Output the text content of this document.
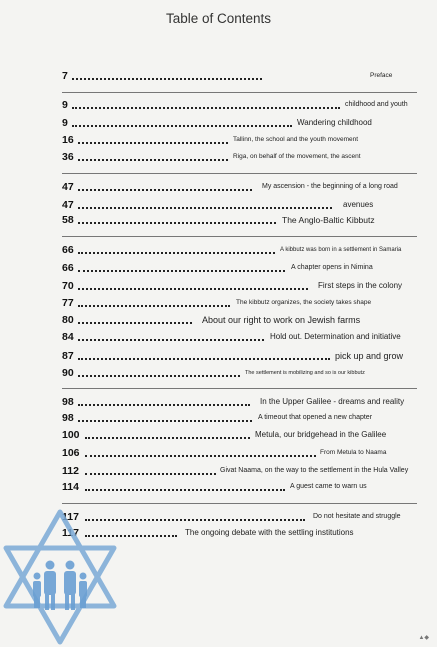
Table of Contents
7	Preface
9	childhood and youth
9	Wandering childhood
16	Tallinn, the school and the youth movement
36	Riga, on behalf of the movement, the ascent
47	My ascension - the beginning of a long road
47	avenues
58	The Anglo-Baltic Kibbutz
66	A kibbutz was born in a settlement in Samaria
66	A chapter opens in Nimina
70	First steps in the colony
77	The kibbutz organizes, the society takes shape
80	About our right to work on Jewish farms
84	Hold out. Determination and initiative
87	pick up and grow
90	The settlement is mobilizing and so is our kibbutz
98	In the Upper Galilee - dreams and reality
98	A timeout that opened a new chapter
100	Metula, our bridgehead in the Galilee
106	From Metula to Naama
112	Givat Naama, on the way to the settlement in the Hula Valley
114	A guest came to warn us
117	Do not hesitate and struggle
117	The ongoing debate with the settling institutions
▲◆
